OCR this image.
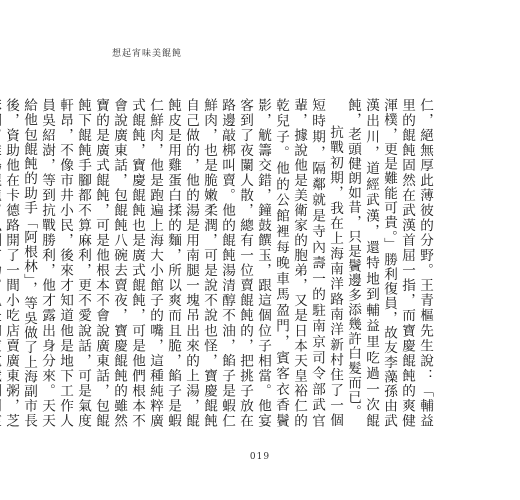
想起宵味美餛飩

仁，絕無厚此薄彼的分野。王青樞先生說：「輔益里的餛飩固然在武漢首屈一指，而寶慶餛飩的爽健渾樸，更是難能可貴。」勝利復員，故友李藻孫由武漢出川，道經武漢，還特地到輔益里吃過一次餛飩，老頭健朗如昔，只是鬢邊多添幾許白髮而已。

抗戰初期，我在上海南洋路南洋新村住了一個短時期，隔鄰就是寺內壽一的駐南京司令部武官輩，據說他是美衛家的胞弟，又是日本天皇裕仁的乾兒子。他的公館裡每晚車馬盈門，賓客衣香鬢影，觥籌交錯，鐘鼓饌玉，跟這個位子相當。他宴客到了夜闌人散，總有一位賣餛飩的，把挑子放在路邊敲梆叫賣。他的餛飩湯清醇不油，餡子是蝦仁鮮肉，也是脆嫩柔潤，可是說不說也怪，寶慶餛飩自己做的，他的湯是用南腿一塊吊出來的上湯，餛飩皮是用雞蛋白揉的麵，所以爽而且脆，餡子是蝦仁鮮肉，他是跑遍上海大小館子的嘴，這種純粹廣式餛飩，寶慶餛飩也是廣式餛飩，可是他們根本不會說廣東話，包餛飩八碗去賣夜，寶慶餛飩的雖然寶的是廣式餛飩，可是他根本不會說廣東話，包餛飩下餛飩手腳都不算麻利，更不愛說話，可是氣度軒昂，不像市井小民，後來才知道他是地下工作人員吳紹澍，等到抗戰勝利，他才露出身分來。天天給他包餛飩的助手「阿根林」，等吳做了上海副市長後，資助他在卡德路開了一間小吃店賣廣東粥，芝

019
